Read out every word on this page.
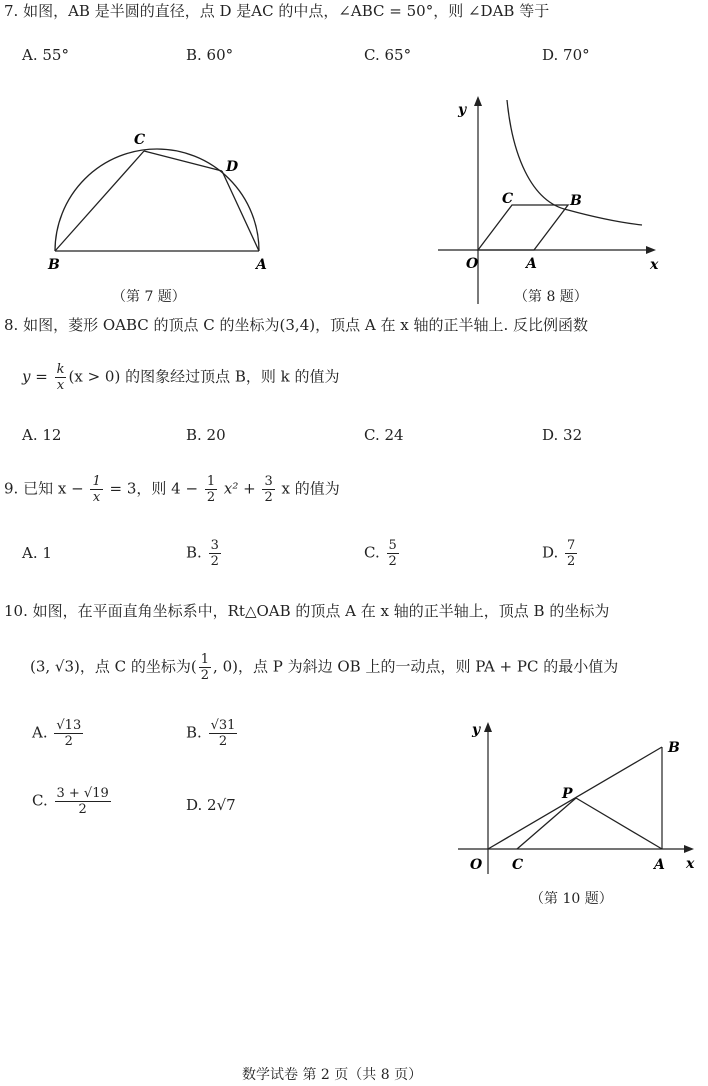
7. 如图，AB 是半圆的直径，点 D 是AC 的中点，∠ABC = 50°，则 ∠DAB 等于
A. 55°	B. 60°	C. 65°	D. 70°
B	A
C
D
（第 7 题）
y
x
O	A
B
C
（第 8 题）
8. 如图，菱形 OABC 的顶点 C 的坐标为(3,4)，顶点 A 在 x 轴的正半轴上. 反比例函数
$y = \frac{k}{x} (x > 0)$ 的图象经过顶点 B，则 k 的值为
A. 12	B. 20	C. 24	D. 32
9. 已知 $x - \frac{1}{x} = 3$，则 $4 - \frac{1}{2} x^2 + \frac{3}{2}$ x 的值为
A. 1	B. $\frac{3}{2}$	C. $\frac{5}{2}$	D. $\frac{7}{2}$
10. 如图，在平面直角坐标系中，Rt△OAB 的顶点 A 在 x 轴的正半轴上，顶点 B 的坐标为
(3, √3)，点 C 的坐标为( $\frac{1}{2}$ , 0)，点 P 为斜边 OB 上的一动点，则 PA + PC 的最小值为
A. $\frac{√13}{2}$	B. $\frac{√31}{2}$
C. $\frac{3 + √19}{2}$	D. 2√7
y
x
O C	A
B
P
（第 10 题）
数学试卷 第 2 页（共 8 页）
